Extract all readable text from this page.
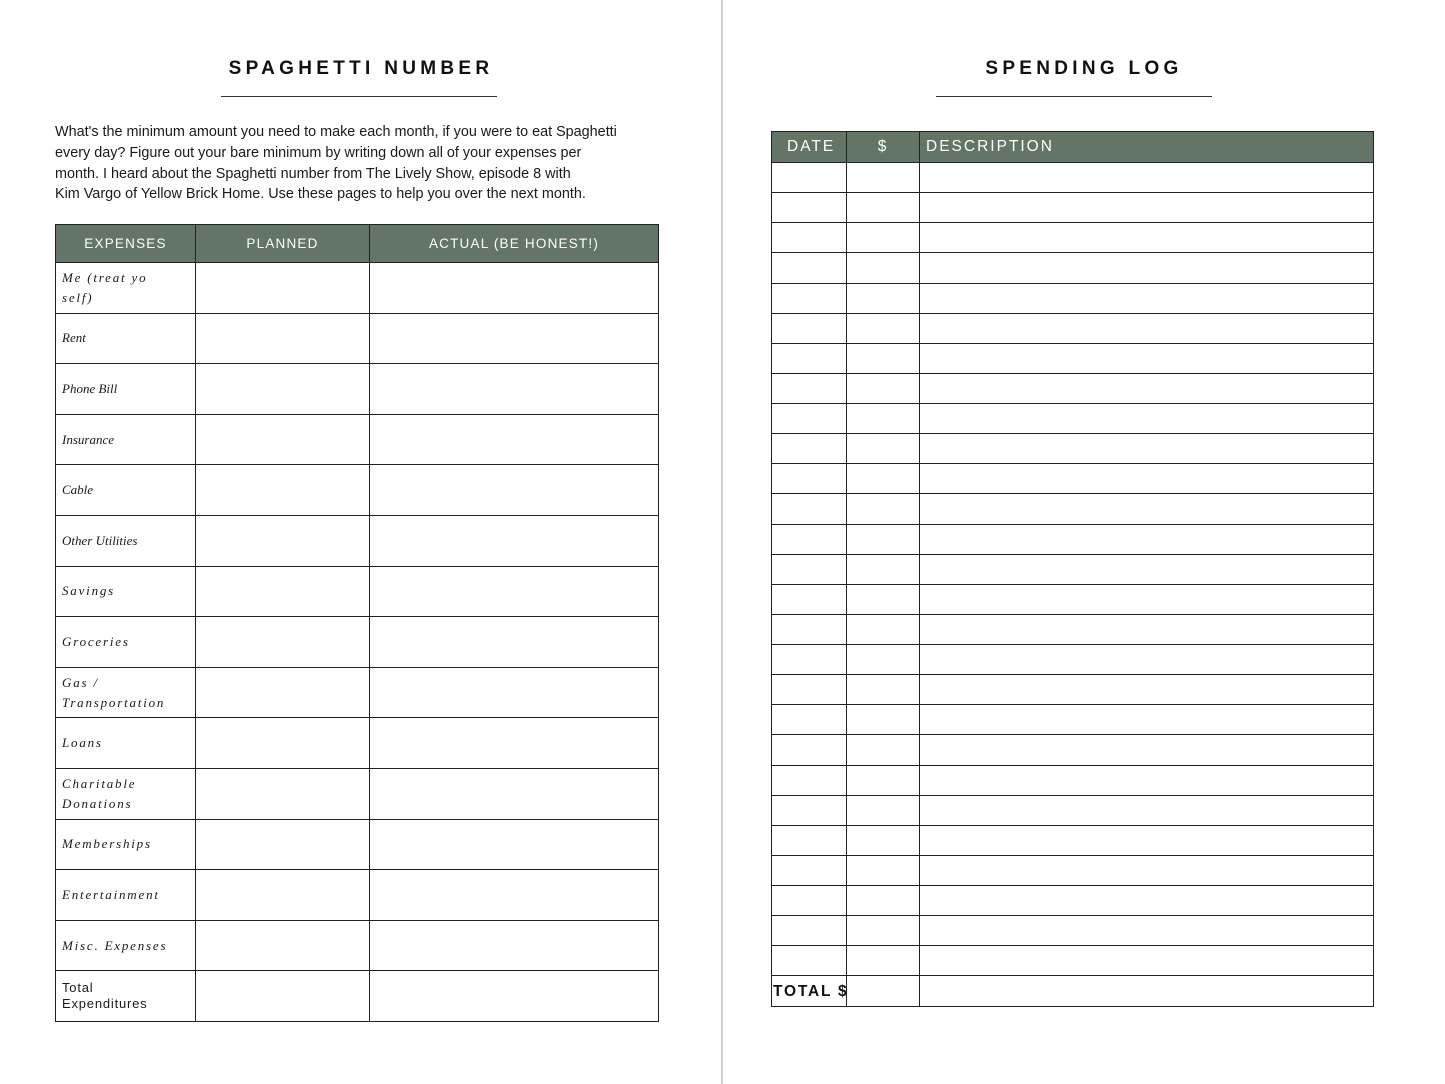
SPAGHETTI NUMBER
What's the minimum amount you need to make each month, if you were to eat Spaghetti
every day? Figure out your bare minimum by writing down all of your expenses per
month. I heard about the Spaghetti number from The Lively Show, episode 8 with
Kim Vargo of Yellow Brick Home. Use these pages to help you over the next month.
EXPENSES	PLANNED	ACTUAL (BE HONEST!)

Me (treat yo
self)		

Rent		

Phone Bill		

Insurance		

Cable		

Other Utilities		

Savings		

Groceries		

Gas /
Transportation		

Loans		

Charitable
Donations		

Memberships		

Entertainment		

Misc. Expenses		

Total
Expenditures		

SPENDING LOG
DATE	$	DESCRIPTION

TOTAL $
